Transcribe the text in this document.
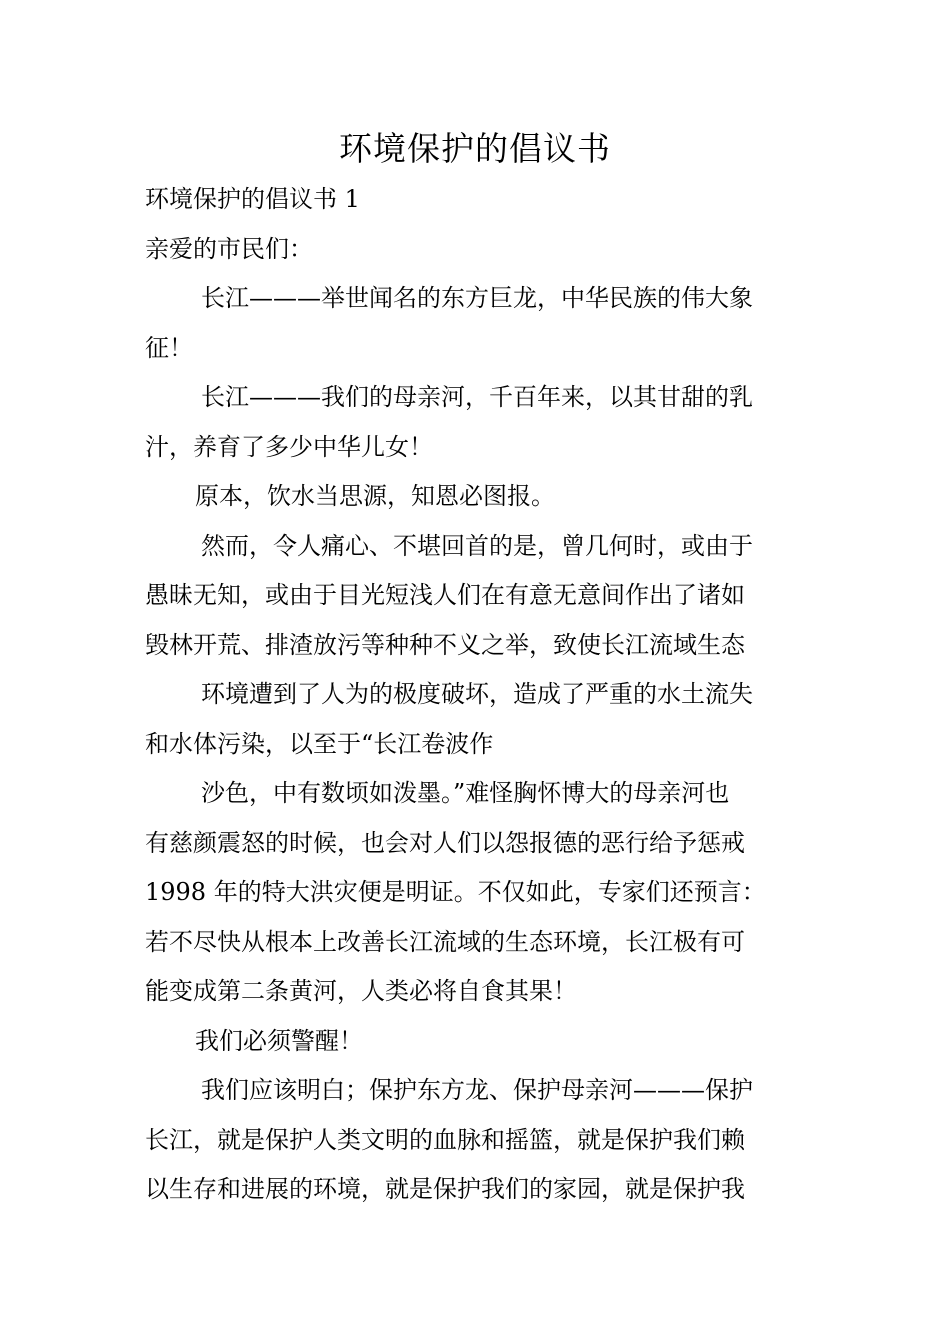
环境保护的倡议书

环境保护的倡议书 1

亲爱的市民们：

长江———举世闻名的东方巨龙，中华民族的伟大象

征！

长江———我们的母亲河，千百年来，以其甘甜的乳

汁，养育了多少中华儿女！

原本，饮水当思源，知恩必图报。

然而，令人痛心、不堪回首的是，曾几何时，或由于

愚昧无知，或由于目光短浅人们在有意无意间作出了诸如

毁林开荒、排渣放污等种种不义之举，致使长江流域生态

环境遭到了人为的极度破坏，造成了严重的水土流失

和水体污染，以至于“长江卷波作

沙色，中有数顷如泼墨。”难怪胸怀博大的母亲河也

有慈颜震怒的时候，也会对人们以怨报德的恶行给予惩戒

1998 年的特大洪灾便是明证。不仅如此，专家们还预言：

若不尽快从根本上改善长江流域的生态环境，长江极有可

能变成第二条黄河，人类必将自食其果！

我们必须警醒！

我们应该明白；保护东方龙、保护母亲河———保护

长江，就是保护人类文明的血脉和摇篮，就是保护我们赖

以生存和进展的环境，就是保护我们的家园，就是保护我
